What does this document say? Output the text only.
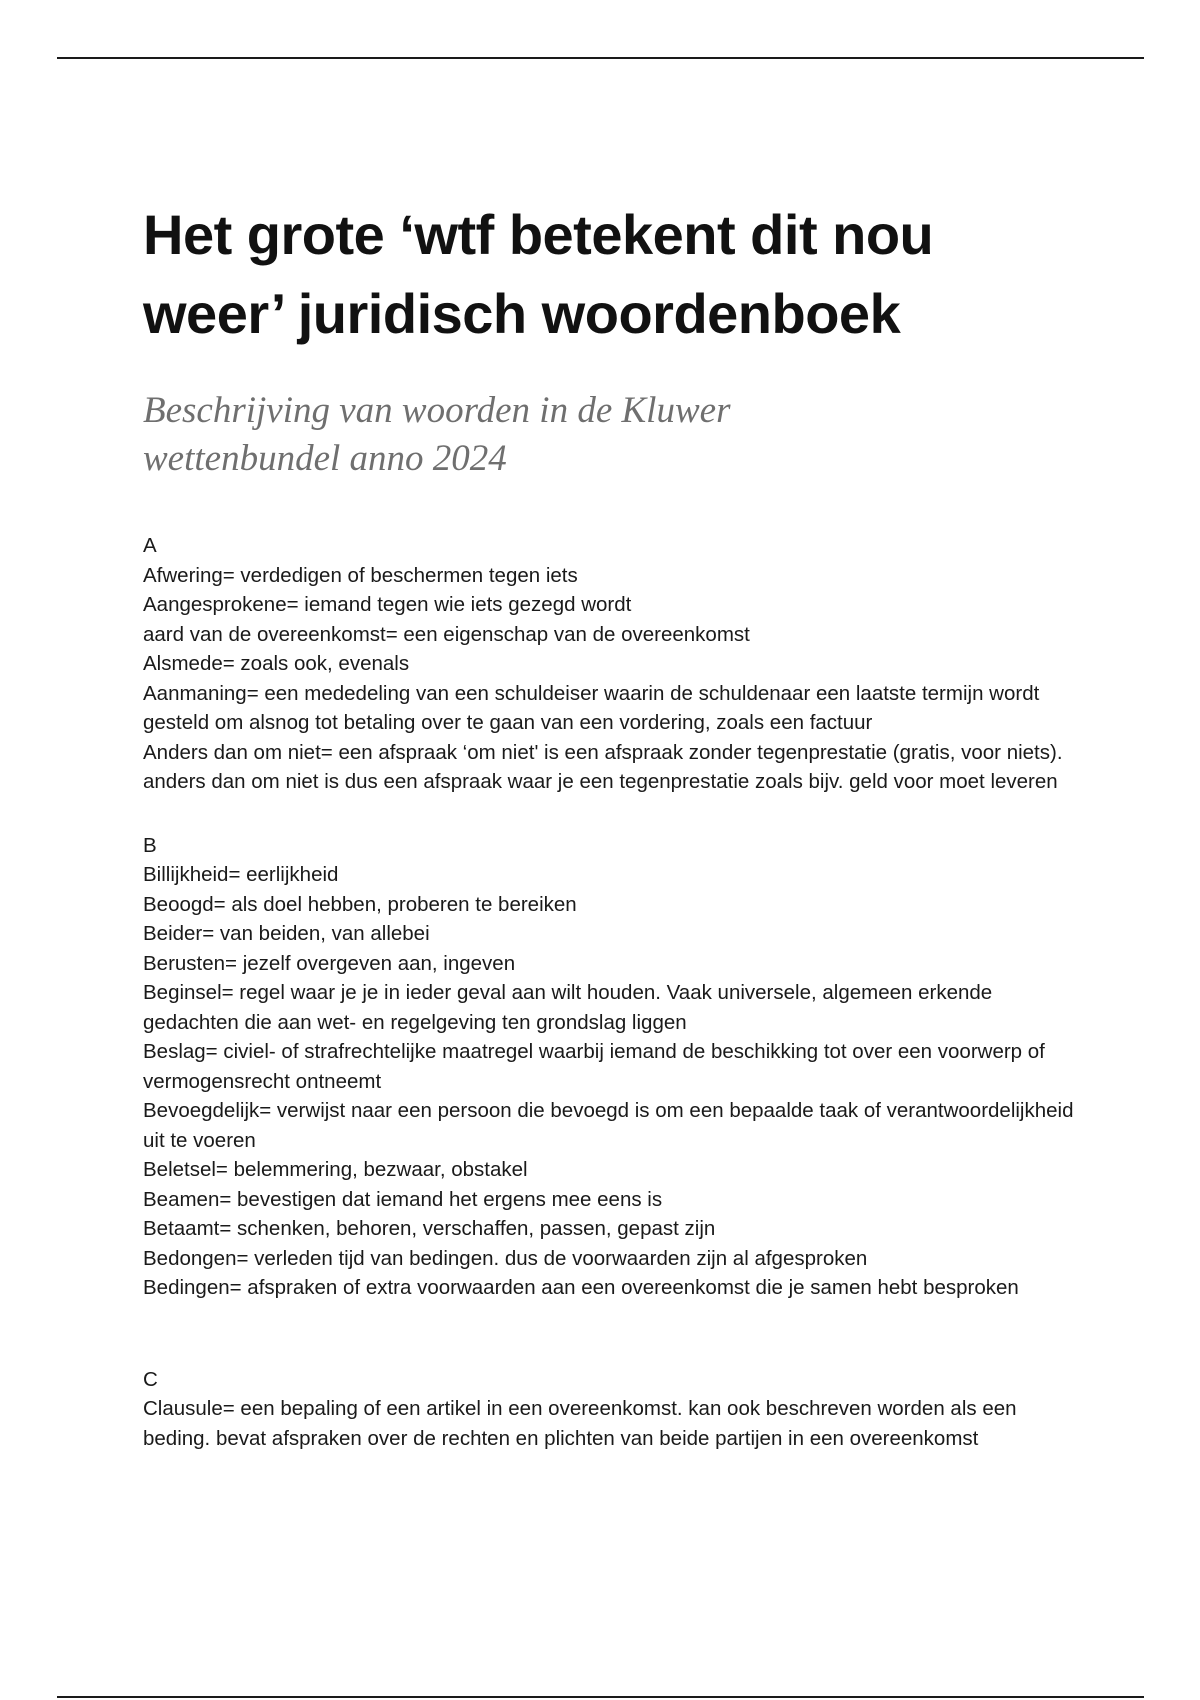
Het grote ‘wtf betekent dit nou
weer’ juridisch woordenboek

Beschrijving van woorden in de Kluwer
wettenbundel anno 2024

A

Afwering= verdedigen of beschermen tegen iets

Aangesprokene= iemand tegen wie iets gezegd wordt

aard van de overeenkomst= een eigenschap van de overeenkomst

Alsmede= zoals ook, evenals

Aanmaning= een mededeling van een schuldeiser waarin de schuldenaar een laatste termijn wordt gesteld om alsnog tot betaling over te gaan van een vordering, zoals een factuur

Anders dan om niet= een afspraak ‘om niet' is een afspraak zonder tegenprestatie (gratis, voor niets). anders dan om niet is dus een afspraak waar je een tegenprestatie zoals bijv. geld voor moet leveren

B

Billijkheid= eerlijkheid

Beoogd= als doel hebben, proberen te bereiken

Beider= van beiden, van allebei

Berusten= jezelf overgeven aan, ingeven

Beginsel= regel waar je je in ieder geval aan wilt houden. Vaak universele, algemeen erkende gedachten die aan wet- en regelgeving ten grondslag liggen

Beslag= civiel- of strafrechtelijke maatregel waarbij iemand de beschikking tot over een voorwerp of vermogensrecht ontneemt

Bevoegdelijk= verwijst naar een persoon die bevoegd is om een bepaalde taak of verantwoordelijkheid uit te voeren

Beletsel= belemmering, bezwaar, obstakel

Beamen= bevestigen dat iemand het ergens mee eens is

Betaamt= schenken, behoren, verschaffen, passen, gepast zijn

Bedongen= verleden tijd van bedingen. dus de voorwaarden zijn al afgesproken

Bedingen= afspraken of extra voorwaarden aan een overeenkomst die je samen hebt besproken

C

Clausule= een bepaling of een artikel in een overeenkomst. kan ook beschreven worden als een beding. bevat afspraken over de rechten en plichten van beide partijen in een overeenkomst
